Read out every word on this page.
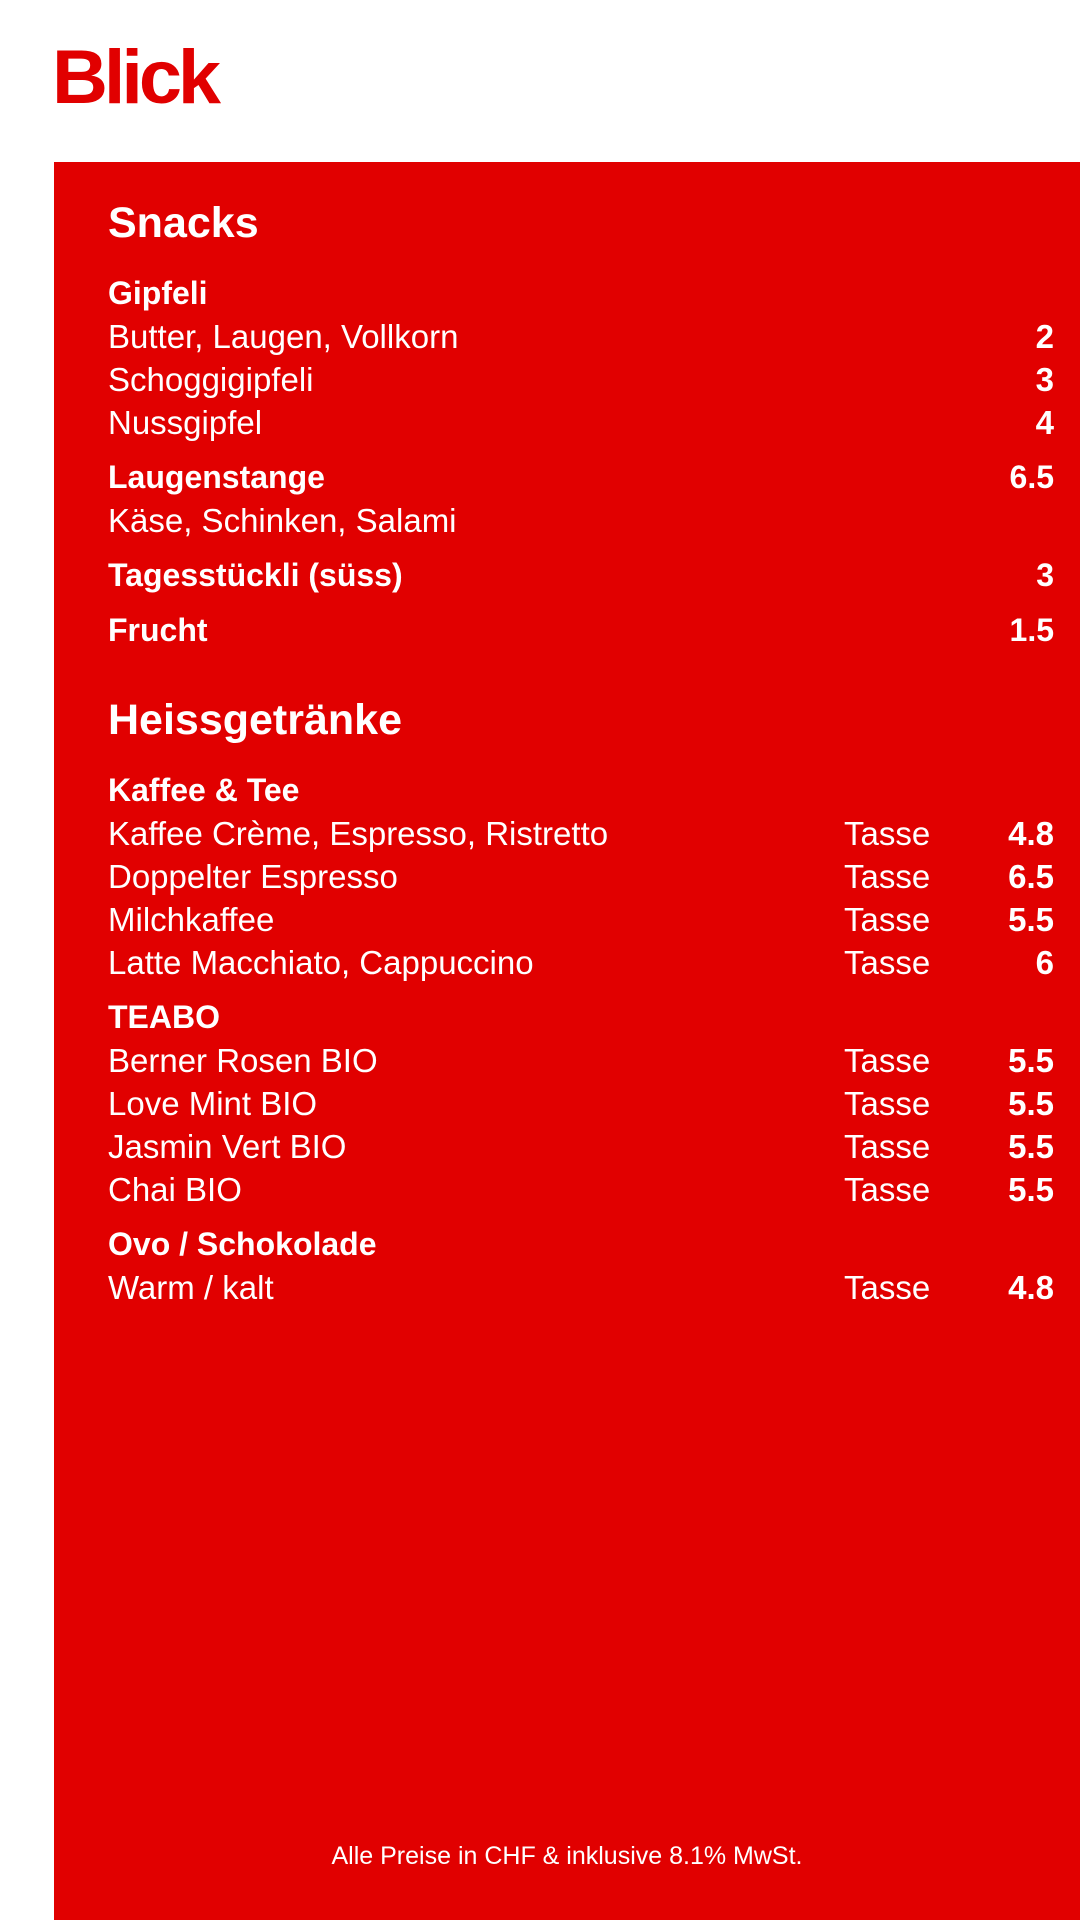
Blick
Snacks
Gipfeli
Butter, Laugen, Vollkorn	2
Schoggigipfeli	3
Nussgipfel	4
Laugenstange	6.5
Käse, Schinken, Salami
Tagesstückli (süss)	3
Frucht	1.5
Heissgetränke
Kaffee & Tee
Kaffee Crème, Espresso, Ristretto	Tasse	4.8
Doppelter Espresso	Tasse	6.5
Milchkaffee	Tasse	5.5
Latte Macchiato, Cappuccino	Tasse	6
TEABO
Berner Rosen BIO	Tasse	5.5
Love Mint BIO	Tasse	5.5
Jasmin Vert BIO	Tasse	5.5
Chai BIO	Tasse	5.5
Ovo / Schokolade
Warm / kalt	Tasse	4.8
Alle Preise in CHF & inklusive 8.1% MwSt.
